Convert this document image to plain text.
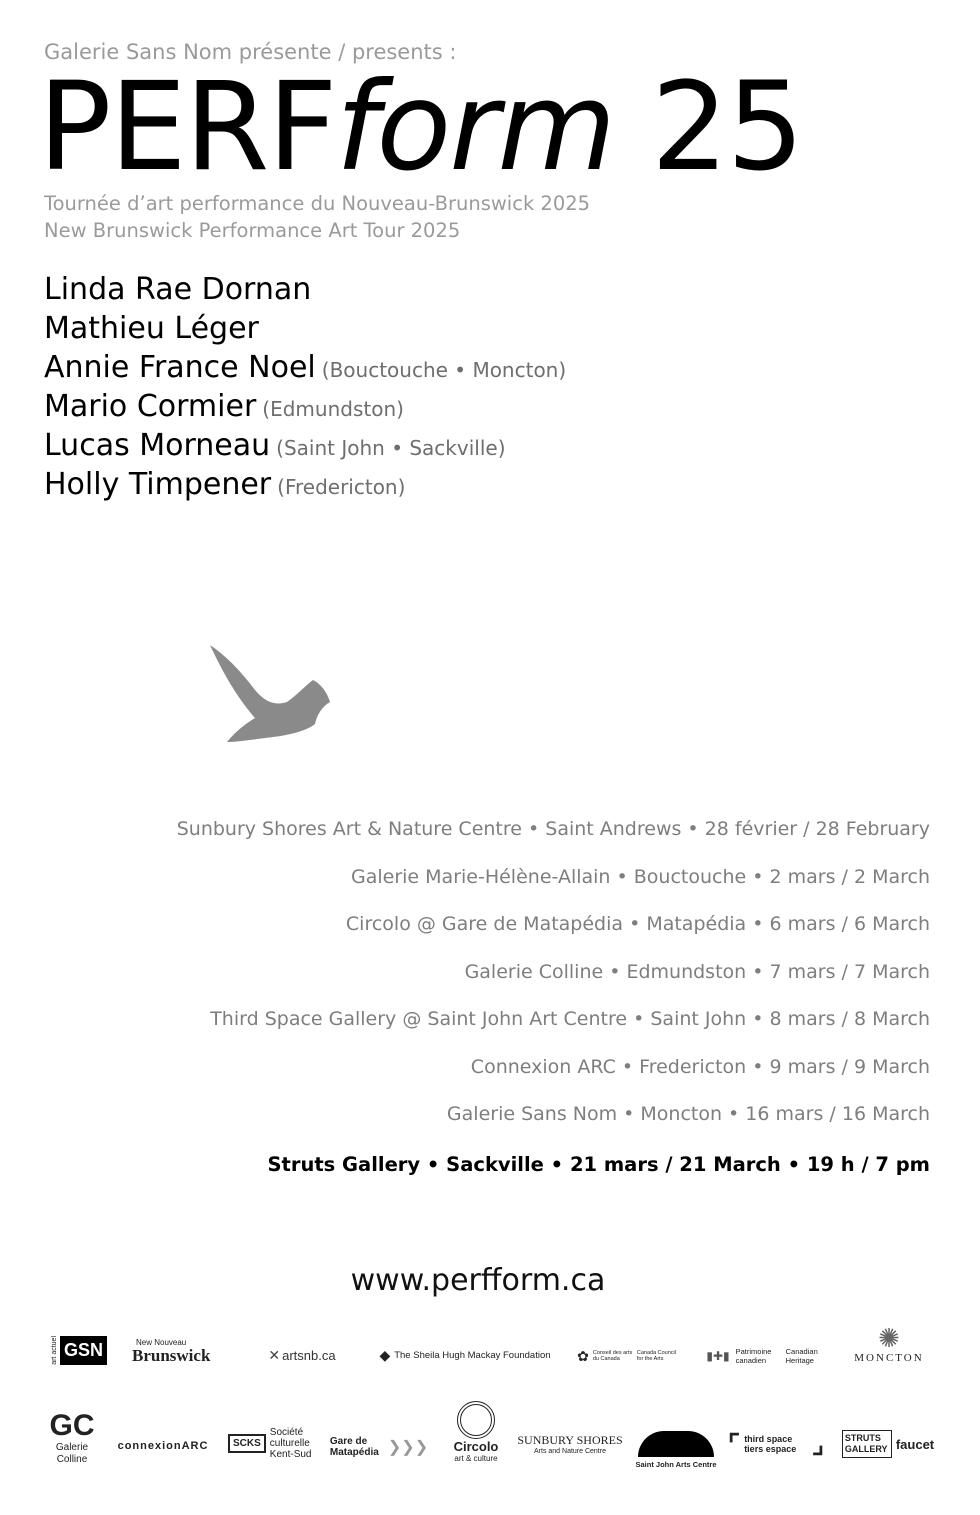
Galerie Sans Nom présente / presents :
PERFform 25
Tournée d’art performance du Nouveau-Brunswick 2025
New Brunswick Performance Art Tour 2025
Linda Rae Dornan
Mathieu Léger
Annie France Noel (Bouctouche • Moncton)
Mario Cormier (Edmundston)
Lucas Morneau (Saint John • Sackville)
Holly Timpener (Fredericton)
Sunbury Shores Art & Nature Centre • Saint Andrews • 28 février / 28 February
Galerie Marie-Hélène-Allain • Bouctouche • 2 mars / 2 March
Circolo @ Gare de Matapédia • Matapédia • 6 mars / 6 March
Galerie Colline • Edmundston • 7 mars / 7 March
Third Space Gallery @ Saint John Art Centre • Saint John • 8 mars / 8 March
Connexion ARC • Fredericton • 9 mars / 9 March
Galerie Sans Nom • Moncton • 16 mars / 16 March
Struts Gallery • Sackville • 21 mars / 21 March • 19 h / 7 pm
www.perfform.ca
art actuel GSN	New Nouveau
Brunswick	✕ artsnb.ca	◆ The Sheila Hugh Mackay Foundation ✿ Conseil des arts du Canada
Canada Council for the Arts	▮✚▮ Patrimoine canadien
Canadian Heritage
✺
MONCTON
GC
Galerie Colline
connexionARC	SCKS
Société culturelle Kent-Sud
Gare de Matapédia ❯❯❯ Circolo
art & culture
SUNBURY SHORES
Arts and Nature Centre
Saint John Arts Centre
⌜ third space tiers espace ⌟	STRUTS GALLERY faucet
